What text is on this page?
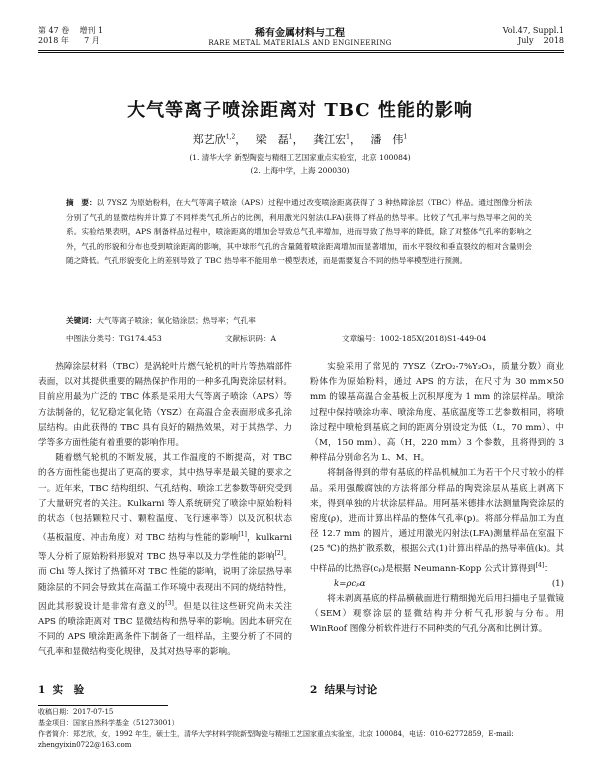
第 47 卷 增刊 1
2018 年 7 月
稀有金属材料与工程
RARE METAL MATERIALS AND ENGINEERING
Vol.47, Suppl.1
July    2018
大气等离子喷涂距离对 TBC 性能的影响
郑艺欣$^{1,2}$， 梁　磊$^1$， 龚江宏$^1$， 潘　伟$^1$
(1. 清华大学 新型陶瓷与精细工艺国家重点实验室，北京 100084)
(2. 上海中学，上海 200030)
摘　要：以 7YSZ 为原始粉料，在大气等离子喷涂（APS）过程中通过改变喷涂距离获得了 3 种热障涂层（TBC）样品。通过图像分析法分别了气孔的显微结构并计算了不同样类气孔所占的比例，利用激光闪射法(LFA)获得了样品的热导率。比较了气孔率与热导率之间的关系。实验结果表明，APS 制备样品过程中，喷涂距离的增加会导致总气孔率增加，进而导致了热导率的降低，除了对整体气孔率的影响之外，气孔的形貌和分布也受到喷涂距离的影响，其中球形气孔的含量随着喷涂距离增加而显著增加，而水平裂纹和垂直裂纹的相对含量则会随之降低。气孔形貌变化上的差别导致了 TBC 热导率不能用单一模型表述，而是需要复合不同的热导率模型进行预测。
关键词：大气等离子喷涂；氧化锆涂层；热导率；气孔率
中图法分类号：TG174.453	文献标识码：A	文章编号：1002-185X(2018)S1-449-04

热障涂层材料（TBC）是涡轮叶片燃气轮机的叶片等热端部件表面，以对其提供重要的隔热保护作用的一种多孔陶瓷涂层材料。目前应用最为广泛的 TBC 体系是采用大气等离子喷涂（APS）等方法制备的，钇钇稳定氧化锆（YSZ）在高温合金表面形成多孔涂层结构。由此获得的 TBC 具有良好的隔热效果，对于其热学、力学等多方面性能有着重要的影响作用。

随着燃气轮机的不断发展，其工作温度的不断提高，对 TBC 的各方面性能也提出了更高的要求，其中热导率是最关键的要求之一。近年来，TBC 结构组织、气孔结构、喷涂工艺参数等研究受到了大量研究者的关注。Kulkarni 等人系统研究了喷涂中原始粉料的状态（包括颗粒尺寸、颗粒温度、飞行速率等）以及沉积状态（基板温度、冲击角度）对 TBC 结构与性能的影响[1]，kulkarni 等人分析了原始粉料形貌对 TBC 热导率以及力学性能的影响[2]。而 Chi 等人探讨了热循环对 TBC 性能的影响，说明了涂层热导率随涂层的不同会导致其在高温工作环境中表现出不同的烧结特性，因此其形貌设计是非常有意义的[3]。但是以往这些研究尚未关注 APS 的喷涂距离对 TBC 显微结构和热导率的影响。因此本研究在不同的 APS 喷涂距离条件下制备了一组样品，主要分析了不同的气孔率和显微结构变化规律，及其对热导率的影响。

1 实　验

实验采用了常见的 7YSZ（ZrO₂-7%Y₂O₃，质量分数）商业粉体作为原始粉料，通过 APS 的方法，在尺寸为 30 mm×50 mm 的镍基高温合金基板上沉积厚度为 1 mm 的涂层样品。喷涂过程中保持喷涂功率、喷涂角度、基底温度等工艺参数相同，将喷涂过程中喷枪到基底之间的距离分别设定为低（L，70 mm）、中（M，150 mm）、高（H，220 mm）3 个参数，且将得到的 3 种样品分别命名为 L、M、H。

将制备得到的带有基底的样品机械加工为若干个尺寸较小的样品。采用强酸腐蚀的方法将部分样品的陶瓷涂层从基底上剥离下来，得到单独的片状涂层样品。用阿基米德排水法测量陶瓷涂层的密度(ρ)，进而计算出样品的整体气孔率(p)。将部分样品加工为直径 12.7 mm 的圆片，通过用激光闪射法(LFA)测量样品在室温下(25 ℃)的热扩散系数，根据公式(1)计算出样品的热导率值(k)。其中样品的比热容(cₚ)是根据 Neumann-Kopp 公式计算得到[4]：

k=ρcₚα	(1)

将未剥离基底的样品横截面进行精细抛光后用扫描电子显微镜（SEM）观察涂层的显微结构并分析气孔形貌与分布。用 WinRoof 图像分析软件进行不同种类的气孔分离和比例计算。

2 结果与讨论
收稿日期：2017-07-15
基金项目：国家自然科学基金（51273001）
作者简介：郑艺欣，女，1992 年生，硕士生，清华大学材料学院新型陶瓷与精细工艺国家重点实验室，北京 100084，电话：010-62772859，E-mail: zhengyixin0722@163.com
